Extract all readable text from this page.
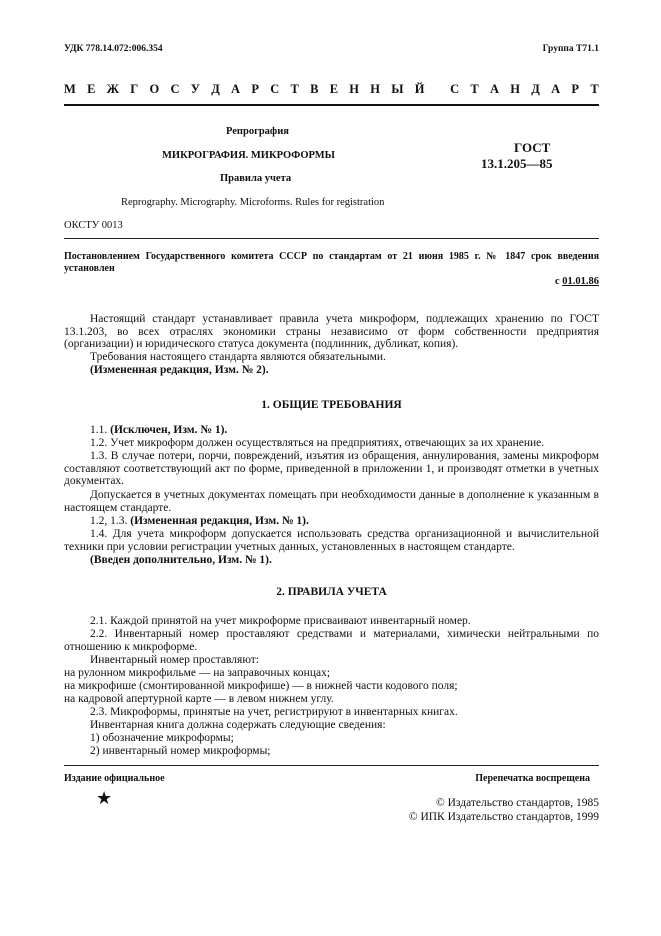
УДК 778.14.072:006.354	Группа Т71.1
М Е Ж Г О С У Д А Р С Т В Е Н Н Ы Й
С Т А Н Д А Р Т
Репрография
МИКРОГРАФИЯ. МИКРОФОРМЫ
Правила учета
ГОСТ
13.1.205—85
Reprography. Micrography. Microforms. Rules for registration
ОКСТУ 0013
Постановлением Государственного комитета СССР по стандартам от 21 июня 1985 г. № 1847 срок введения установлен
с 01.01.86
Настоящий стандарт устанавливает правила учета микроформ, подлежащих хранению по ГОСТ 13.1.203, во всех отраслях экономики страны независимо от форм собственности предприятия (организации) и юридического статуса документа (подлинник, дубликат, копия).
Требования настоящего стандарта являются обязательными.
(Измененная редакция, Изм. № 2).
1. ОБЩИЕ ТРЕБОВАНИЯ
1.1. (Исключен, Изм. № 1).
1.2. Учет микроформ должен осуществляться на предприятиях, отвечающих за их хранение.
1.3. В случае потери, порчи, повреждений, изъятия из обращения, аннулирования, замены микроформ составляют соответствующий акт по форме, приведенной в приложении 1, и производят отметки в учетных документах.
Допускается в учетных документах помещать при необходимости данные в дополнение к указанным в настоящем стандарте.
1.2, 1.3. (Измененная редакция, Изм. № 1).
1.4. Для учета микроформ допускается использовать средства организационной и вычислительной техники при условии регистрации учетных данных, установленных в настоящем стандарте.
(Введен дополнительно, Изм. № 1).
2. ПРАВИЛА УЧЕТА
2.1. Каждой принятой на учет микроформе присваивают инвентарный номер.
2.2. Инвентарный номер проставляют средствами и материалами, химически нейтральными по отношению к микроформе.
Инвентарный номер проставляют:
на рулонном микрофильме — на заправочных концах;
на микрофише (смонтированной микрофише) — в нижней части кодового поля;
на кадровой апертурной карте — в левом нижнем углу.
2.3. Микроформы, принятые на учет, регистрируют в инвентарных книгах.
Инвентарная книга должна содержать следующие сведения:
1) обозначение микроформы;
2) инвентарный номер микроформы;
Издание официальное	Перепечатка воспрещена
★	© Издательство стандартов, 1985
© ИПК Издательство стандартов, 1999
